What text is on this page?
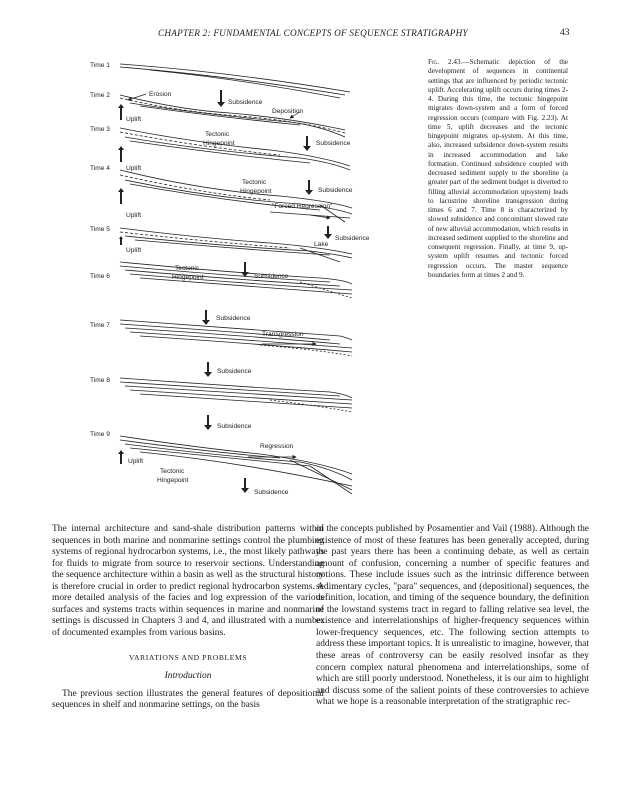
CHAPTER 2: FUNDAMENTAL CONCEPTS OF SEQUENCE STRATIGRAPHY	43
Time 1
Time 2
Time 3
Time 4
Time 5
Time 6
Time 7
Time 8
Time 9
Erosion
Subsidence
Deposition
Uplift
Tectonic
Hingepoint	Subsidence
Uplift
Tectonic
Hingepoint	Subsidence
"Forced Regression"
Uplift
Subsidence
Lake
Uplift
Tectonic
Hingepoint	Subsidence
Subsidence
Transgression
Subsidence
Subsidence
Regression
Uplift
Tectonic
Hingepoint
Subsidence
Fig. 2.43.—Schematic depiction of the development of sequences in continental settings that are influenced by periodic tectonic uplift. Accelerating uplift occurs during times 2-4. During this time, the tectonic hingepoint migrates down-system and a form of forced regression occurs (compare with Fig. 2.23). At time 5, uplift decreases and the tectonic hingepoint migrates up-system. At this time, also, increased subsidence down-system results in increased accommodation and lake formation. Continued subsidence coupled with decreased sediment supply to the shoreline (a greater part of the sediment budget is diverted to filling alluvial accommodation upsystem) leads to lacustrine shoreline transgression during times 6 and 7. Time 8 is characterized by slowed subsidence and concomitant slowed rate of new alluvial accommodation, which results in increased sediment supplied to the shoreline and consequent regression. Finally, at time 9, up-system uplift resumes and tectonic forced regression occurs. The master sequence boundaries form at times 2 and 9.

The internal architecture and sand-shale distribution patterns within sequences in both marine and nonmarine settings control the plumbing systems of regional hydrocarbon systems, i.e., the most likely pathways for fluids to migrate from source to reservoir sections. Understanding the sequence architecture within a basin as well as the structural history is therefore crucial in order to predict regional hydrocarbon systems. A more detailed analysis of the facies and log expression of the various surfaces and systems tracts within sequences in marine and nonmarine settings is discussed in Chapters 3 and 4, and illustrated with a number of documented examples from various basins.

VARIATIONS AND PROBLEMS

Introduction

The previous section illustrates the general features of depositional sequences in shelf and nonmarine settings, on the basis

of the concepts published by Posamentier and Vail (1988). Although the existence of most of these features has been generally accepted, during the past years there has been a continuing debate, as well as certain amount of confusion, concerning a number of specific features and notions. These include issues such as the intrinsic difference between sedimentary cycles, "para" sequences, and (depositional) sequences, the definition, location, and timing of the sequence boundary, the definition of the lowstand systems tract in regard to falling relative sea level, the existence and interrelationships of higher-frequency sequences within lower-frequency sequences, etc. The following section attempts to address these important topics. It is unrealistic to imagine, however, that these areas of controversy can be easily resolved insofar as they concern complex natural phenomena and interrelationships, some of which are still poorly understood. Nonetheless, it is our aim to highlight and discuss some of the salient points of these controversies to achieve what we hope is a reasonable interpretation of the stratigraphic rec-
